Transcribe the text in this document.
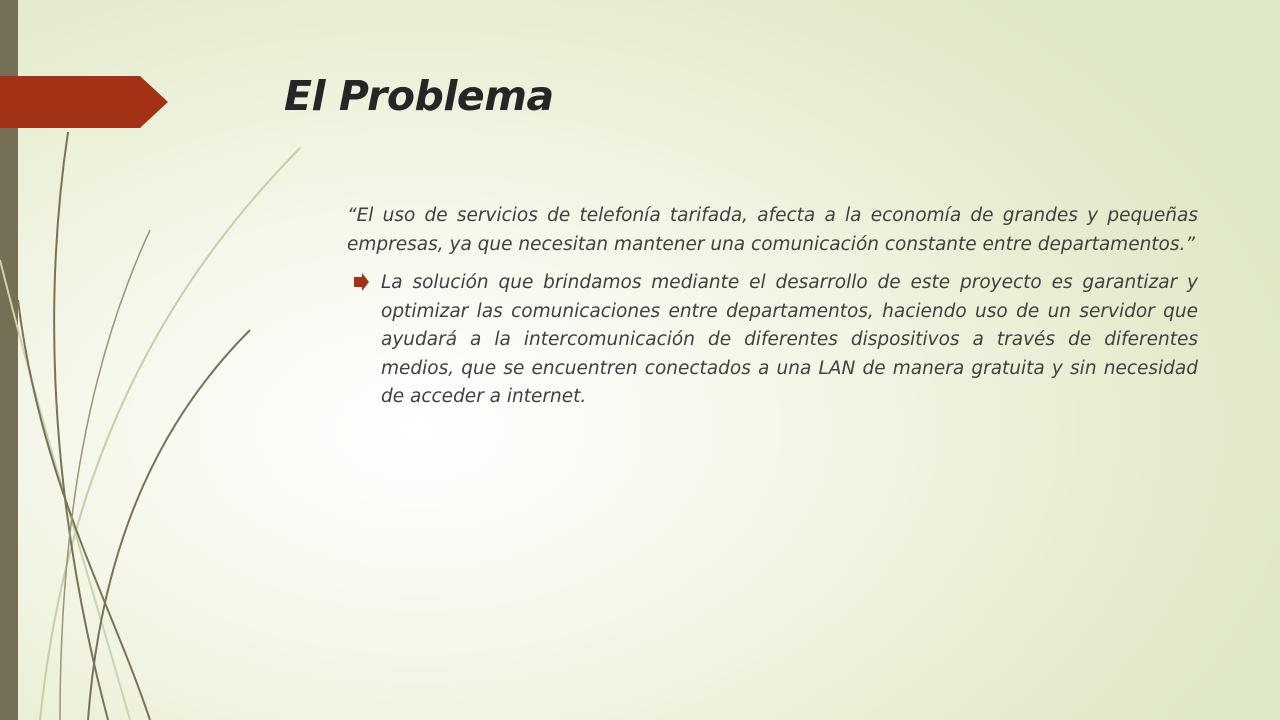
El Problema

“El uso de servicios de telefonía tarifada, afecta a la economía de grandes y pequeñas empresas, ya que necesitan mantener una comunicación constante entre departamentos.”

La solución que brindamos mediante el desarrollo de este proyecto es garantizar y optimizar las comunicaciones entre departamentos, haciendo uso de un servidor que ayudará a la intercomunicación de diferentes dispositivos a través de diferentes medios, que se encuentren conectados a una LAN de manera gratuita y sin necesidad de acceder a internet.
